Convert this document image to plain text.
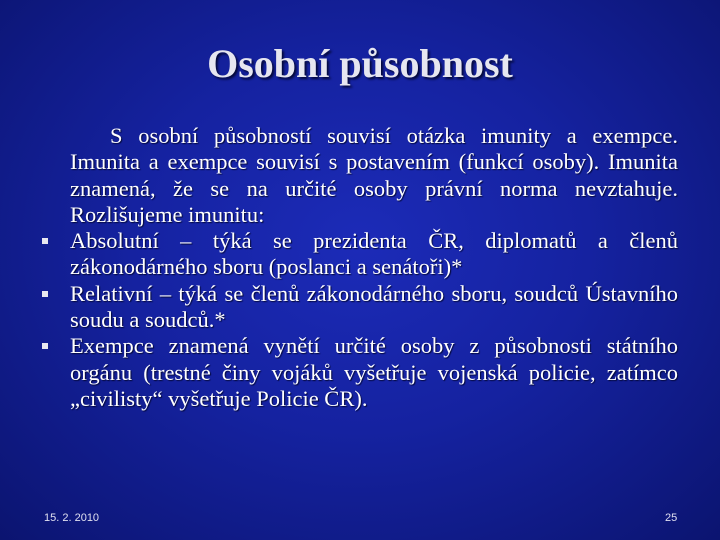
Osobní působnost

S osobní působností souvisí otázka imunity a exempce. Imunita a exempce souvisí s postavením (funkcí osoby). Imunita znamená, že se na určité osoby právní norma nevztahuje. Rozlišujeme imunitu:

Absolutní – týká se prezidenta ČR, diplomatů a členů zákonodárného sboru (poslanci a senátoři)*

Relativní – týká se členů zákonodárného sboru, soudců Ústavního soudu a soudců.*

Exempce znamená vynětí určité osoby z působnosti státního orgánu (trestné činy vojáků vyšetřuje vojenská policie, zatímco „civilisty“ vyšetřuje Policie ČR).

15. 2. 2010	25
